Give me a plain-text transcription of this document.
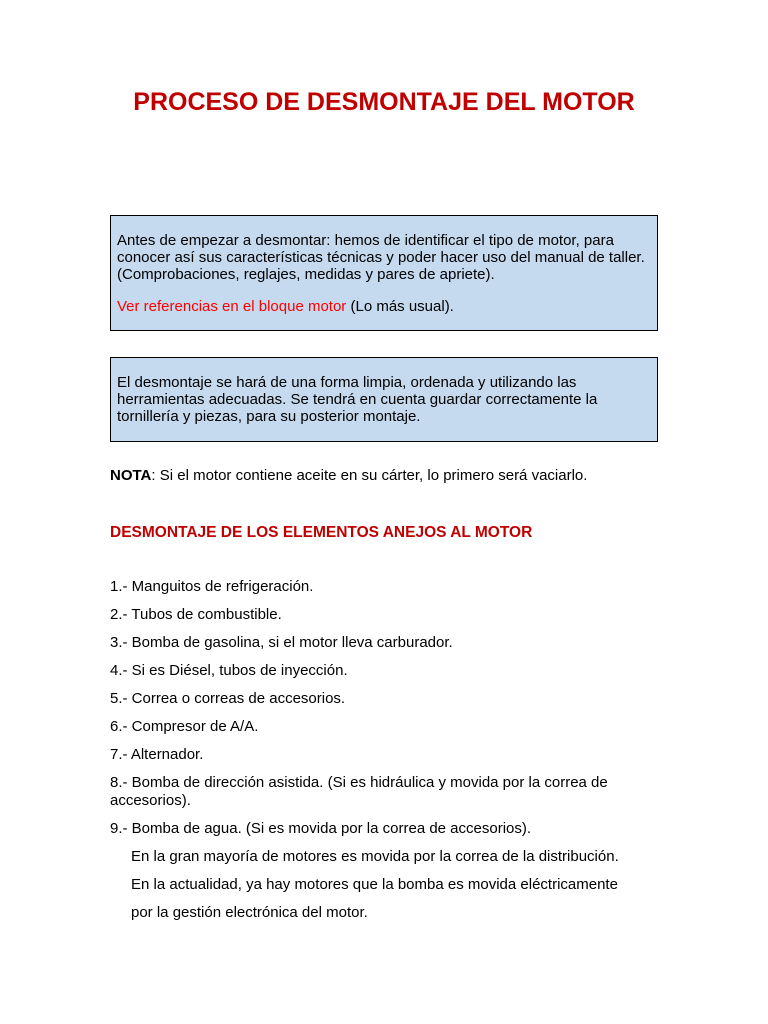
PROCESO DE DESMONTAJE DEL MOTOR

Antes de empezar a desmontar: hemos de identificar el tipo de motor, para conocer así sus características técnicas y poder hacer uso del manual de taller. (Comprobaciones, reglajes, medidas y pares de apriete).

Ver referencias en el bloque motor (Lo más usual).

El desmontaje se hará de una forma limpia, ordenada y utilizando las herramientas adecuadas. Se tendrá en cuenta guardar correctamente la tornillería y piezas, para su posterior montaje.

NOTA: Si el motor contiene aceite en su cárter, lo primero será vaciarlo.

DESMONTAJE DE LOS ELEMENTOS ANEJOS AL MOTOR
1.- Manguitos de refrigeración.
2.- Tubos de combustible.
3.- Bomba de gasolina, si el motor lleva carburador.
4.- Si es Diésel, tubos de inyección.
5.- Correa o correas de accesorios.
6.- Compresor de A/A.
7.- Alternador.
8.- Bomba de dirección asistida. (Si es hidráulica y movida por la correa de accesorios).
9.- Bomba de agua. (Si es movida por la correa de accesorios).
En la gran mayoría de motores es movida por la correa de la distribución.
En la actualidad, ya hay motores que la bomba es movida eléctricamente
por la gestión electrónica del motor.
